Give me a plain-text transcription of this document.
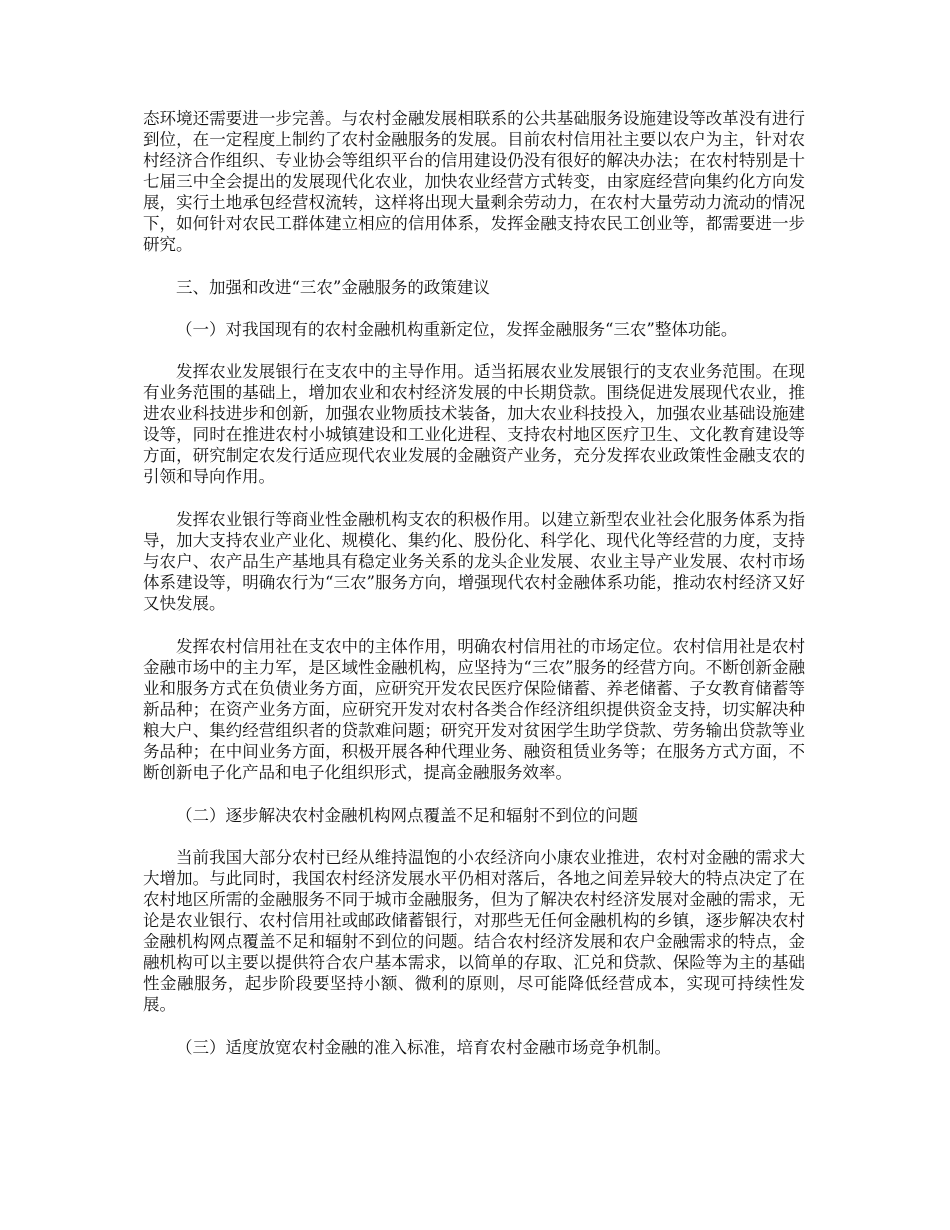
态环境还需要进一步完善。与农村金融发展相联系的公共基础服务设施建设等改革没有进行到位，在一定程度上制约了农村金融服务的发展。目前农村信用社主要以农户为主，针对农村经济合作组织、专业协会等组织平台的信用建设仍没有很好的解决办法；在农村特别是十七届三中全会提出的发展现代化农业，加快农业经营方式转变，由家庭经营向集约化方向发展，实行土地承包经营权流转，这样将出现大量剩余劳动力，在农村大量劳动力流动的情况下，如何针对农民工群体建立相应的信用体系，发挥金融支持农民工创业等，都需要进一步研究。

三、加强和改进“三农”金融服务的政策建议

（一）对我国现有的农村金融机构重新定位，发挥金融服务“三农”整体功能。

发挥农业发展银行在支农中的主导作用。适当拓展农业发展银行的支农业务范围。在现有业务范围的基础上，增加农业和农村经济发展的中长期贷款。围绕促进发展现代农业，推进农业科技进步和创新，加强农业物质技术装备，加大农业科技投入，加强农业基础设施建设等，同时在推进农村小城镇建设和工业化进程、支持农村地区医疗卫生、文化教育建设等方面，研究制定农发行适应现代农业发展的金融资产业务，充分发挥农业政策性金融支农的引领和导向作用。

发挥农业银行等商业性金融机构支农的积极作用。以建立新型农业社会化服务体系为指导，加大支持农业产业化、规模化、集约化、股份化、科学化、现代化等经营的力度，支持与农户、农产品生产基地具有稳定业务关系的龙头企业发展、农业主导产业发展、农村市场体系建设等，明确农行为“三农”服务方向，增强现代农村金融体系功能，推动农村经济又好又快发展。

发挥农村信用社在支农中的主体作用，明确农村信用社的市场定位。农村信用社是农村金融市场中的主力军，是区域性金融机构，应坚持为“三农”服务的经营方向。不断创新金融业和服务方式在负债业务方面，应研究开发农民医疗保险储蓄、养老储蓄、子女教育储蓄等新品种；在资产业务方面，应研究开发对农村各类合作经济组织提供资金支持，切实解决种粮大户、集约经营组织者的贷款难问题；研究开发对贫困学生助学贷款、劳务输出贷款等业务品种；在中间业务方面，积极开展各种代理业务、融资租赁业务等；在服务方式方面，不断创新电子化产品和电子化组织形式，提高金融服务效率。

（二）逐步解决农村金融机构网点覆盖不足和辐射不到位的问题

当前我国大部分农村已经从维持温饱的小农经济向小康农业推进，农村对金融的需求大大增加。与此同时，我国农村经济发展水平仍相对落后，各地之间差异较大的特点决定了在农村地区所需的金融服务不同于城市金融服务，但为了解决农村经济发展对金融的需求，无论是农业银行、农村信用社或邮政储蓄银行，对那些无任何金融机构的乡镇，逐步解决农村金融机构网点覆盖不足和辐射不到位的问题。结合农村经济发展和农户金融需求的特点，金融机构可以主要以提供符合农户基本需求，以简单的存取、汇兑和贷款、保险等为主的基础性金融服务，起步阶段要坚持小额、微利的原则，尽可能降低经营成本，实现可持续性发展。

（三）适度放宽农村金融的准入标准，培育农村金融市场竞争机制。
